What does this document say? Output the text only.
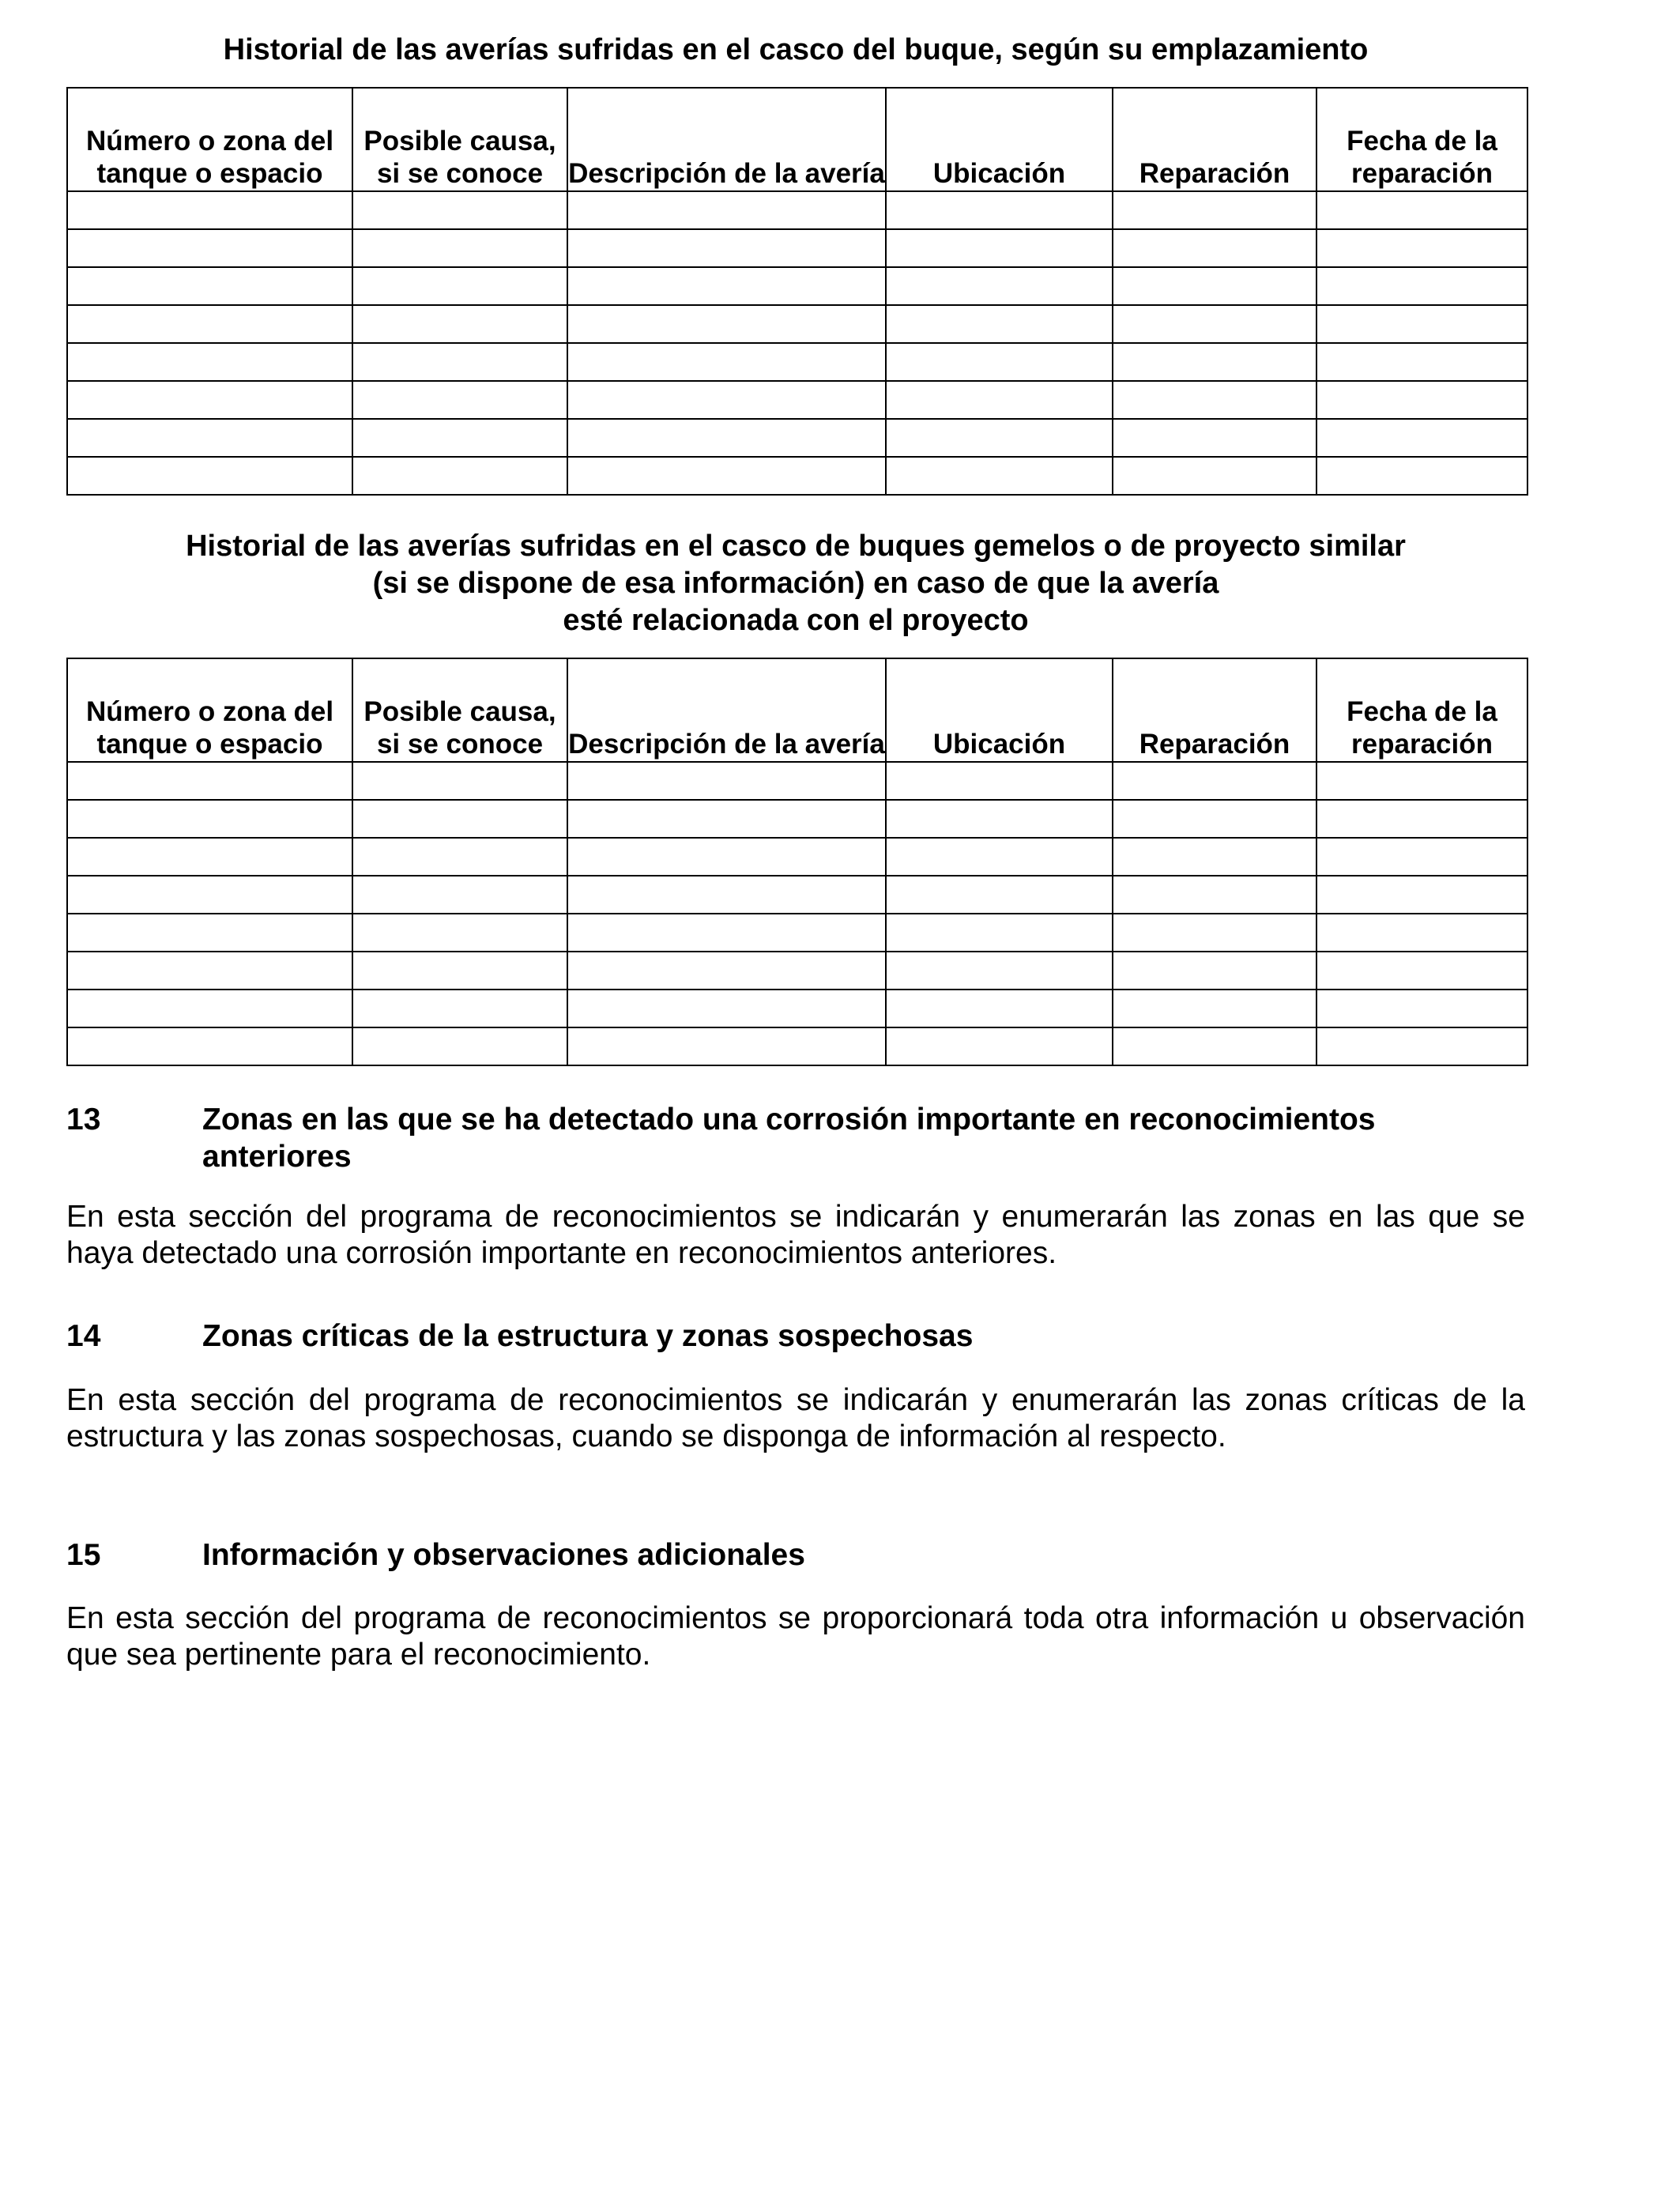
Historial de las averías sufridas en el casco del buque, según su emplazamiento
Número o zona del tanque o espacio	Posible causa, si se conoce	Descripción de la avería	Ubicación	Reparación	Fecha de la reparación

Historial de las averías sufridas en el casco de buques gemelos o de proyecto similar
(si se dispone de esa información) en caso de que la avería
esté relacionada con el proyecto
Número o zona del tanque o espacio	Posible causa, si se conoce	Descripción de la avería	Ubicación	Reparación	Fecha de la reparación

13	Zonas en las que se ha detectado una corrosión importante en reconocimientos anteriores

En esta sección del programa de reconocimientos se indicarán y enumerarán las zonas en las que se haya detectado una corrosión importante en reconocimientos anteriores.

14	Zonas críticas de la estructura y zonas sospechosas

En esta sección del programa de reconocimientos se indicarán y enumerarán las zonas críticas de la estructura y las zonas sospechosas, cuando se disponga de información al respecto.

15	Información y observaciones adicionales

En esta sección del programa de reconocimientos se proporcionará toda otra información u observación que sea pertinente para el reconocimiento.
